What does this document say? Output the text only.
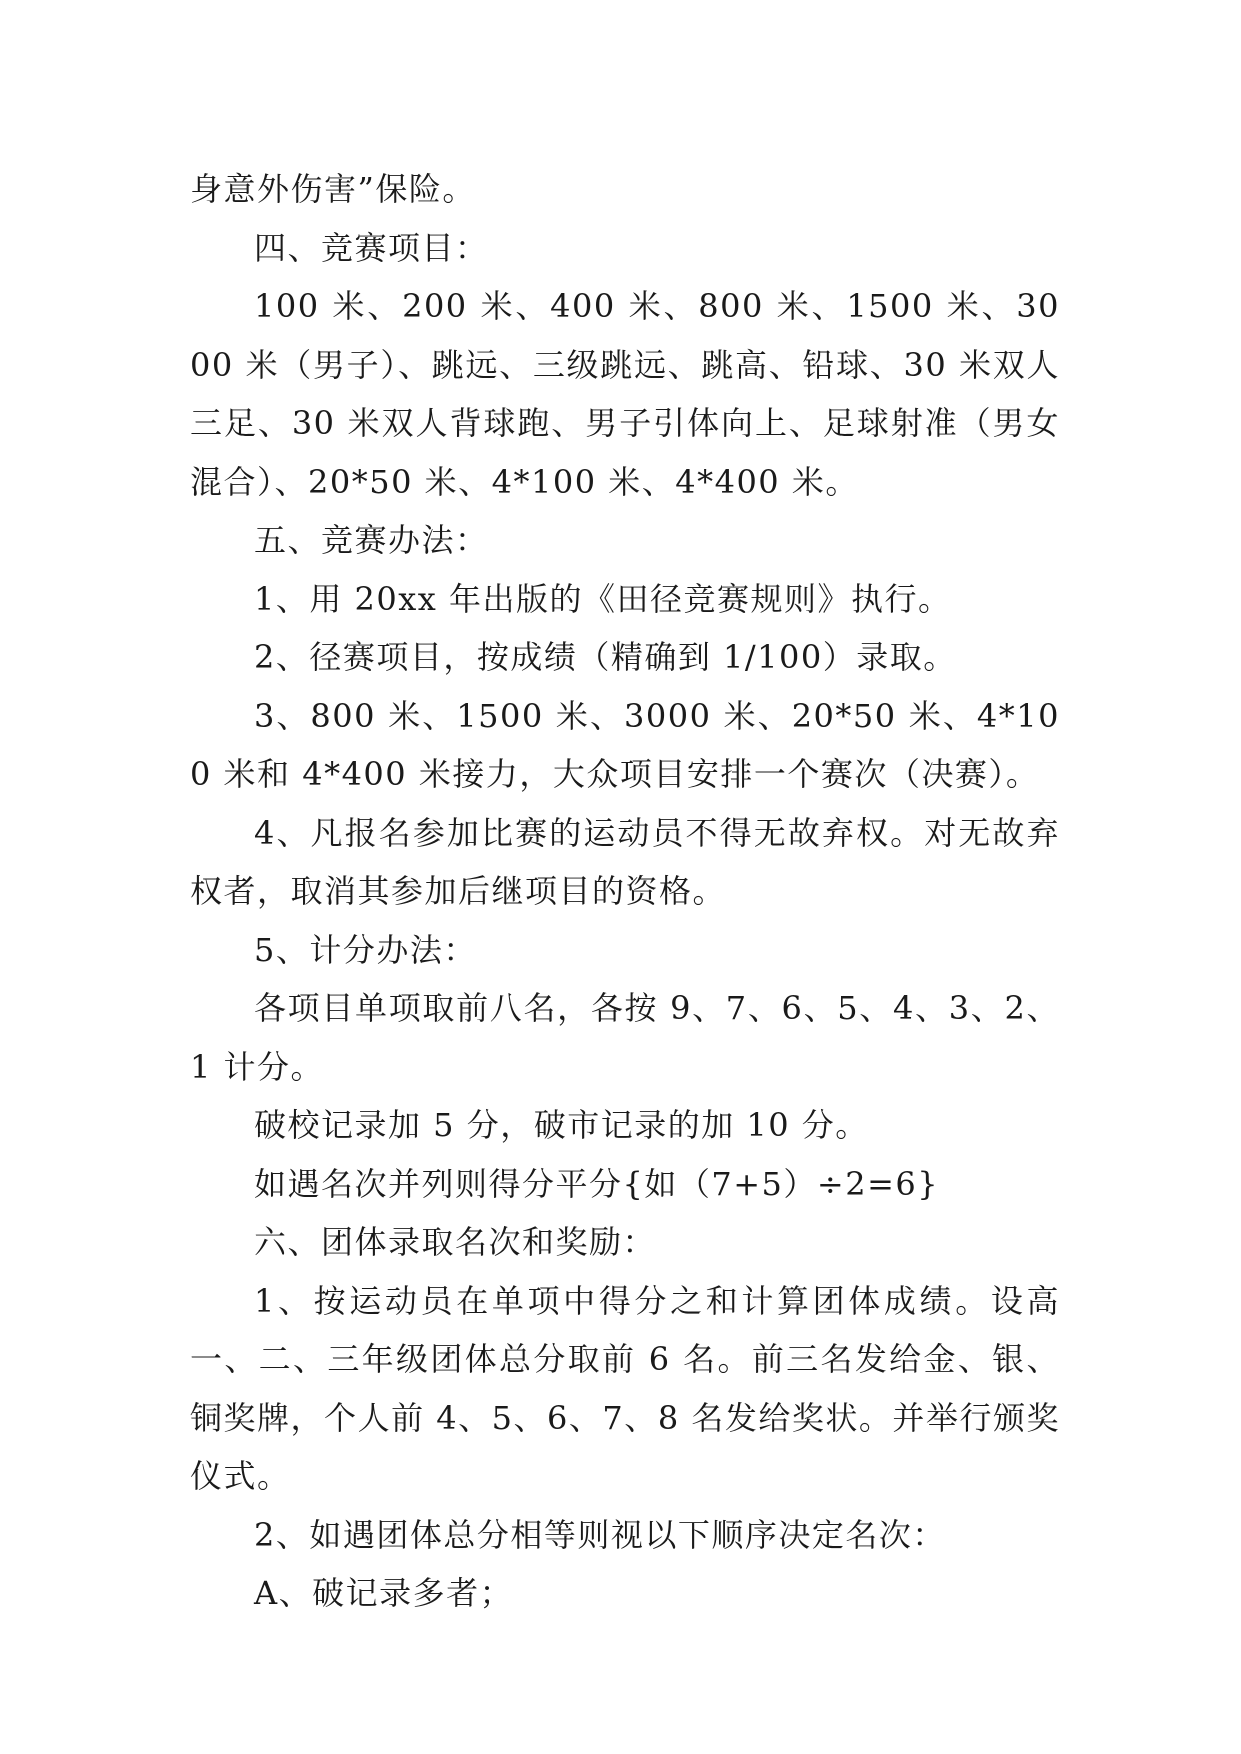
身意外伤害”保险。

四、竞赛项目：

100 米、200 米、400 米、800 米、1500 米、3000 米（男子）、跳远、三级跳远、跳高、铅球、30 米双人三足、30 米双人背球跑、男子引体向上、足球射准（男女混合）、20*50 米、4*100 米、4*400 米。

五、竞赛办法：

1、用 20xx 年出版的《田径竞赛规则》执行。

2、径赛项目，按成绩（精确到 1/100）录取。

3、800 米、1500 米、3000 米、20*50 米、4*100 米和 4*400 米接力，大众项目安排一个赛次（决赛）。

4、凡报名参加比赛的运动员不得无故弃权。对无故弃权者，取消其参加后继项目的资格。

5、计分办法：

各项目单项取前八名，各按 9、7、6、5、4、3、2、1 计分。

破校记录加 5 分，破市记录的加 10 分。

如遇名次并列则得分平分{如（7+5）÷2=6}

六、团体录取名次和奖励：

1、按运动员在单项中得分之和计算团体成绩。设高一、二、三年级团体总分取前 6 名。前三名发给金、银、铜奖牌，个人前 4、5、6、7、8 名发给奖状。并举行颁奖仪式。

2、如遇团体总分相等则视以下顺序决定名次：

A、破记录多者；
